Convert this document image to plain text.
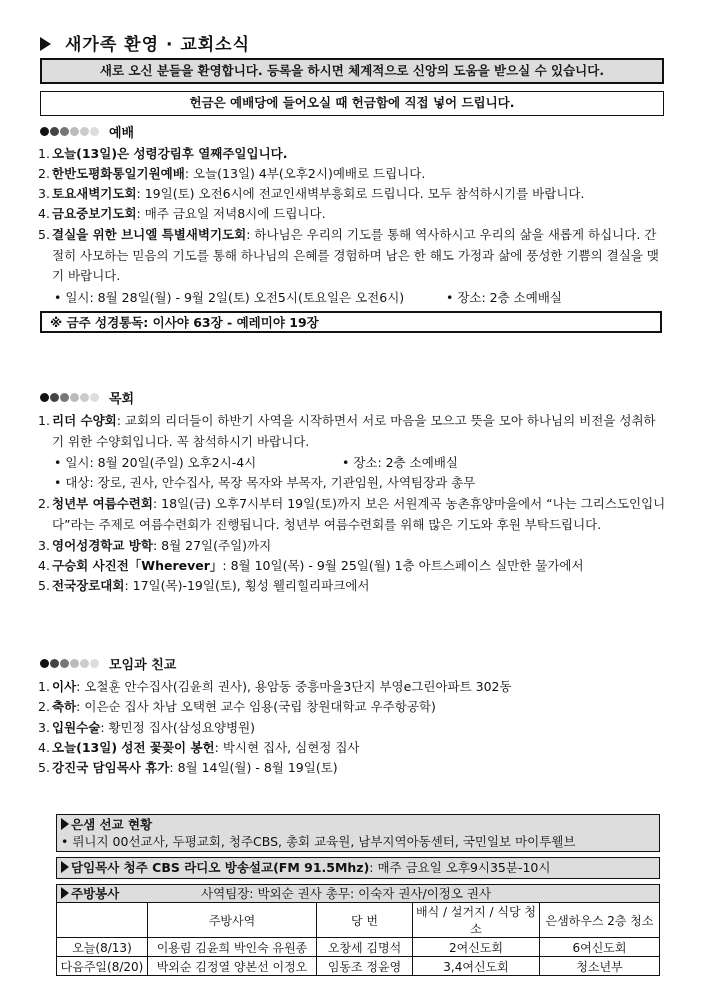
새가족 환영 · 교회소식
새로 오신 분들을 환영합니다. 등록을 하시면 체계적으로 신앙의 도움을 받으실 수 있습니다.
헌금은 예배당에 들어오실 때 헌금함에 직접 넣어 드립니다.
예배
1. 오늘(13일)은 성령강림후 열째주일입니다.
2. 한반도평화통일기원예배: 오늘(13일) 4부(오후2시)예배로 드립니다.
3. 토요새벽기도회: 19일(토) 오전6시에 전교인새벽부흥회로 드립니다. 모두 참석하시기를 바랍니다.
4. 금요중보기도회: 매주 금요일 저녁8시에 드립니다.
5. 결실을 위한 브니엘 특별새벽기도회: 하나님은 우리의 기도를 통해 역사하시고 우리의 삶을 새롭게 하십니다. 간절히 사모하는 믿음의 기도를 통해 하나님의 은혜를 경험하며 남은 한 해도 가정과 삶에 풍성한 기쁨의 결실을 맺기 바랍니다.
• 일시: 8월 28일(월) - 9월 2일(토) 오전5시(토요일은 오전6시)	• 장소: 2층 소예배실
※ 금주 성경통독: 이사야 63장 - 예레미야 19장
목회
1. 리더 수양회: 교회의 리더들이 하반기 사역을 시작하면서 서로 마음을 모으고 뜻을 모아 하나님의 비전을 성취하기 위한 수양회입니다. 꼭 참석하시기 바랍니다.
• 일시: 8월 20일(주일) 오후2시-4시	• 장소: 2층 소예배실
• 대상: 장로, 권사, 안수집사, 목장 목자와 부목자, 기관임원, 사역팀장과 총무
2. 청년부 여름수련회: 18일(금) 오후7시부터 19일(토)까지 보은 서원계곡 농촌휴양마을에서 “나는 그리스도인입니다”라는 주제로 여름수련회가 진행됩니다. 청년부 여름수련회를 위해 많은 기도와 후원 부탁드립니다.
3. 영어성경학교 방학: 8월 27일(주일)까지
4. 구승회 사진전「Wherever」: 8월 10일(목) - 9월 25일(월) 1층 아트스페이스 실만한 물가에서
5. 전국장로대회: 17일(목)-19일(토), 횡성 웰리힐리파크에서
모임과 친교
1. 이사: 오철훈 안수집사(김윤희 권사), 용암동 중흥마을3단지 부영e그린아파트 302동
2. 축하: 이은순 집사 차남 오택현 교수 임용(국립 창원대학교 우주항공학)
3. 입원수술: 황민정 집사(삼성요양병원)
4. 오늘(13일) 성전 꽃꽂이 봉헌: 박시현 집사, 심현정 집사
5. 강진국 담임목사 휴가: 8월 14일(월) - 8월 19일(토)
은샘 선교 현황
• 뤼니지 00선교사, 두평교회, 청주CBS, 총회 교육원, 남부지역아동센터, 국민일보 마이투웰브
담임목사 청주 CBS 라디오 방송설교(FM 91.5Mhz): 매주 금요일 오후9시35분-10시
주방봉사	사역팀장: 박외순 권사 총무: 이숙자 권사/이정오 권사
	주방사역	당 번	배식 / 설거지 / 식당 청소	은샘하우스 2층 청소
오늘(8/13)	이용림 김윤희 박인숙 유원종	오창세 김명석	2여신도회	6여신도회
다음주일(8/20)	박외순 김정열 양본선 이정오	임동조 정윤영	3,4여신도회	청소년부
